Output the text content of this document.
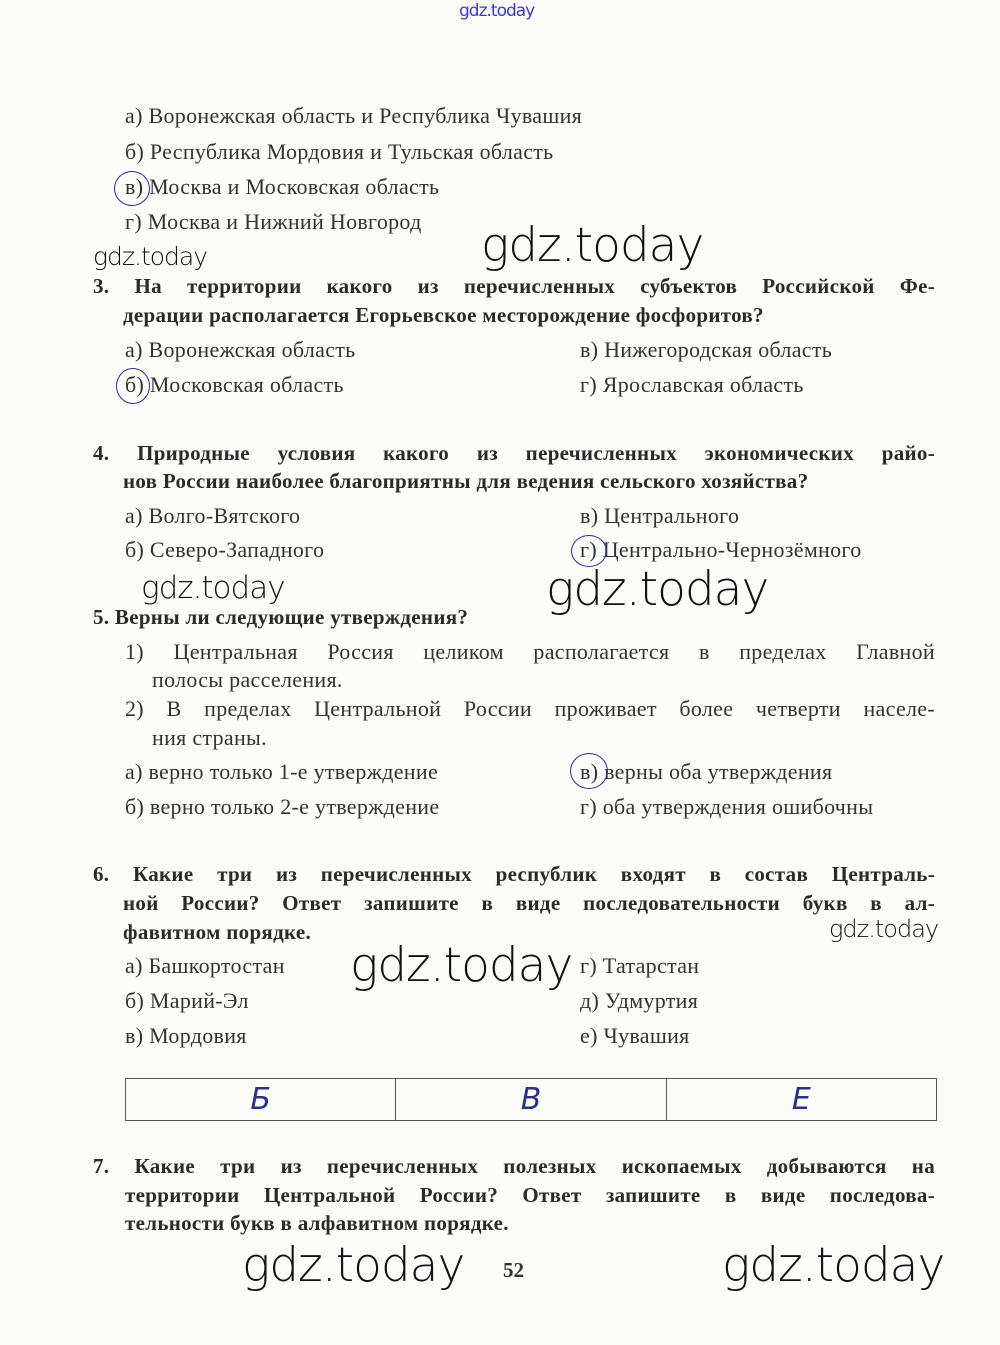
gdz.today
а) Воронежская область и Республика Чувашия
б) Республика Мордовия и Тульская область
в) Москва и Московская область
г) Москва и Нижний Новгород
gdz.today	gdz.today
3. На территории какого из перечисленных субъектов Российской Фе-
дерации располагается Егорьевское месторождение фосфоритов?
а) Воронежская область
б) Московская область
в) Нижегородская область
г) Ярославская область
4. Природные условия какого из перечисленных экономических райо-
нов России наиболее благоприятны для ведения сельского хозяйства?
а) Волго-Вятского
б) Северо-Западного
в) Центрального
г) Центрально-Чернозёмного
gdz.today	gdz.today
5. Верны ли следующие утверждения?
1) Центральная Россия целиком располагается в пределах Главной
полосы расселения.
2) В пределах Центральной России проживает более четверти населе-
ния страны.
а) верно только 1-е утверждение
б) верно только 2-е утверждение
в) верны оба утверждения
г) оба утверждения ошибочны
6. Какие три из перечисленных республик входят в состав Централь-
ной России? Ответ запишите в виде последовательности букв в ал-
фавитном порядке.	gdz.today
а) Башкортостан
б) Марий-Эл
в) Мордовия
г) Татарстан
д) Удмуртия
е) Чувашия
gdz.today
Б	В	Е
7. Какие три из перечисленных полезных ископаемых добываются на
территории Центральной России? Ответ запишите в виде последова-
тельности букв в алфавитном порядке.
gdz.today 52	gdz.today
